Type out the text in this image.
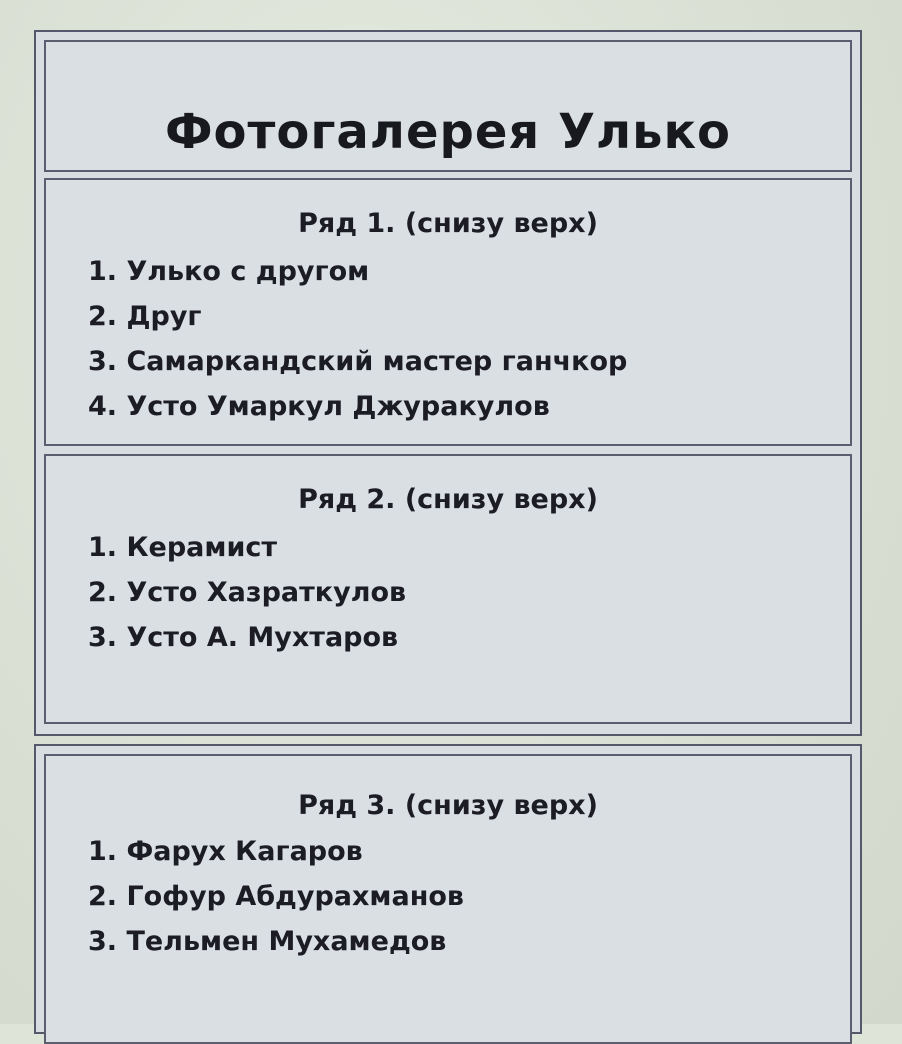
Фотогалерея Улько
Ряд 1. (снизу верх)
1. Улько с другом
2. Друг
3. Самаркандский мастер ганчкор
4. Усто Умаркул Джуракулов
Ряд 2. (снизу верх)
1. Керамист
2. Усто Хазраткулов
3. Усто А. Мухтаров
Ряд 3. (снизу верх)
1. Фарух Кагаров
2. Гофур Абдурахманов
3. Тельмен Мухамедов
